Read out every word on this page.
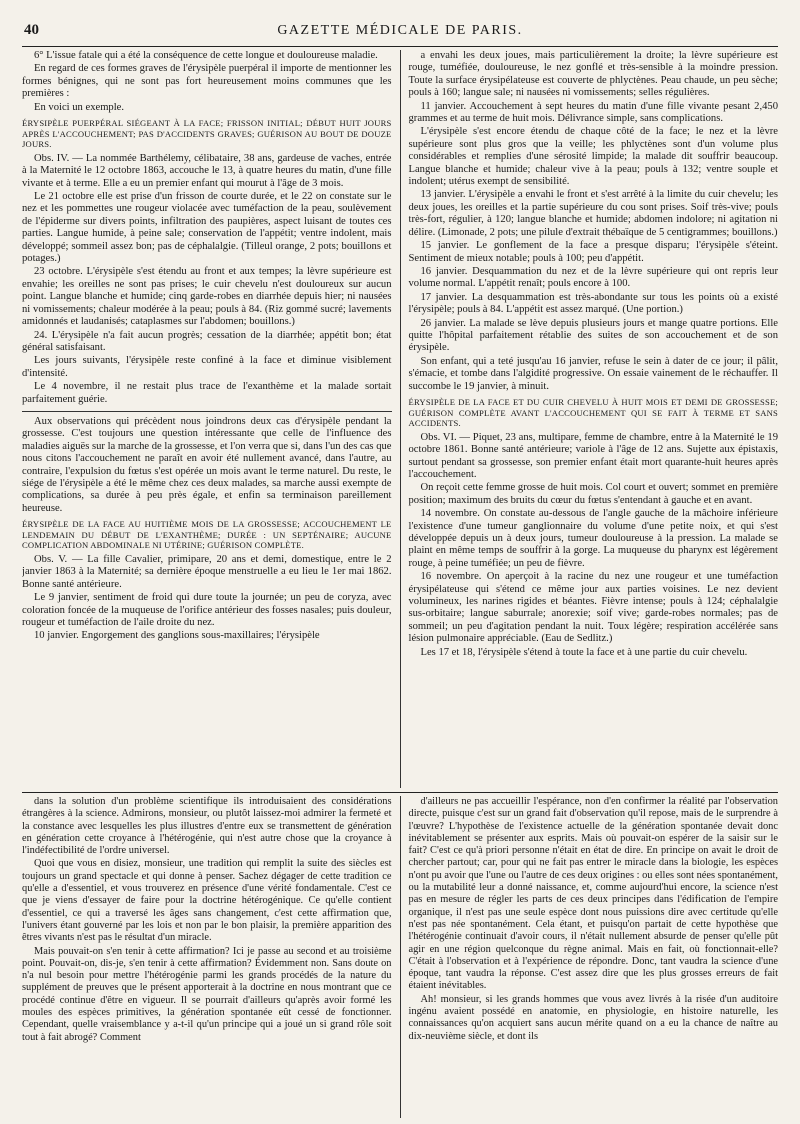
40	GAZETTE MÉDICALE DE PARIS.

6° L'issue fatale qui a été la conséquence de cette longue et douloureuse maladie.

En regard de ces formes graves de l'érysipèle puerpéral il importe de mentionner les formes bénignes, qui ne sont pas fort heureusement moins communes que les premières :

En voici un exemple.

ÉRYSIPÈLE PUERPÉRAL SIÉGEANT À LA FACE; FRISSON INITIAL; DÉBUT HUIT JOURS APRÈS L'ACCOUCHEMENT; PAS D'ACCIDENTS GRAVES; GUÉRISON AU BOUT DE DOUZE JOURS.

Obs. IV. — La nommée Barthélemy, célibataire, 38 ans, gardeuse de vaches, entrée à la Maternité le 12 octobre 1863, accouche le 13, à quatre heures du matin, d'une fille vivante et à terme. Elle a eu un premier enfant qui mourut à l'âge de 3 mois.

Le 21 octobre elle est prise d'un frisson de courte durée, et le 22 on constate sur le nez et les pommettes une rougeur violacée avec tuméfaction de la peau, soulèvement de l'épiderme sur divers points, infiltration des paupières, aspect luisant de toutes ces parties. Langue humide, à peine sale; conservation de l'appétit; ventre indolent, mais développé; sommeil assez bon; pas de céphalalgie. (Tilleul orange, 2 pots; bouillons et potages.)

23 octobre. L'érysipèle s'est étendu au front et aux tempes; la lèvre supérieure est envahie; les oreilles ne sont pas prises; le cuir chevelu n'est douloureux sur aucun point. Langue blanche et humide; cinq garde-robes en diarrhée depuis hier; ni nausées ni vomissements; chaleur modérée à la peau; pouls à 84. (Riz gommé sucré; lavements amidonnés et laudanisés; cataplasmes sur l'abdomen; bouillons.)

24. L'érysipèle n'a fait aucun progrès; cessation de la diarrhée; appétit bon; état général satisfaisant.

Les jours suivants, l'érysipèle reste confiné à la face et diminue visiblement d'intensité.

Le 4 novembre, il ne restait plus trace de l'exanthème et la malade sortait parfaitement guérie.

Aux observations qui précèdent nous joindrons deux cas d'érysipèle pendant la grossesse. C'est toujours une question intéressante que celle de l'influence des maladies aiguës sur la marche de la grossesse, et l'on verra que si, dans l'un des cas que nous citons l'accouchement ne paraît en avoir été nullement avancé, dans l'autre, au contraire, l'expulsion du fœtus s'est opérée un mois avant le terme naturel. Du reste, le siége de l'érysipèle a été le même chez ces deux malades, sa marche aussi exempte de complications, sa durée à peu près égale, et enfin sa terminaison pareillement heureuse.

ÉRYSIPÈLE DE LA FACE AU HUITIÈME MOIS DE LA GROSSESSE; ACCOUCHEMENT LE LENDEMAIN DU DÉBUT DE L'EXANTHÈME; DURÉE : UN SEPTÉNAIRE; AUCUNE COMPLICATION ABDOMINALE NI UTÉRINE; GUÉRISON COMPLÈTE.

Obs. V. — La fille Cavalier, primipare, 20 ans et demi, domestique, entre le 2 janvier 1863 à la Maternité; sa dernière époque menstruelle a eu lieu le 1er mai 1862. Bonne santé antérieure.

Le 9 janvier, sentiment de froid qui dure toute la journée; un peu de coryza, avec coloration foncée de la muqueuse de l'orifice antérieur des fosses nasales; puis douleur, rougeur et tuméfaction de l'aile droite du nez.

10 janvier. Engorgement des ganglions sous-maxillaires; l'érysipèle

a envahi les deux joues, mais particulièrement la droite; la lèvre supérieure est rouge, tuméfiée, douloureuse, le nez gonflé et très-sensible à la moindre pression. Toute la surface érysipélateuse est couverte de phlyctènes. Peau chaude, un peu sèche; pouls à 160; langue sale; ni nausées ni vomissements; selles régulières.

11 janvier. Accouchement à sept heures du matin d'une fille vivante pesant 2,450 grammes et au terme de huit mois. Délivrance simple, sans complications.

L'érysipèle s'est encore étendu de chaque côté de la face; le nez et la lèvre supérieure sont plus gros que la veille; les phlyctènes sont d'un volume plus considérables et remplies d'une sérosité limpide; la malade dit souffrir beaucoup. Langue blanche et humide; chaleur vive à la peau; pouls à 132; ventre souple et indolent; utérus exempt de sensibilité.

13 janvier. L'érysipèle a envahi le front et s'est arrêté à la limite du cuir chevelu; les deux joues, les oreilles et la partie supérieure du cou sont prises. Soif très-vive; pouls très-fort, régulier, à 120; langue blanche et humide; abdomen indolore; ni agitation ni délire. (Limonade, 2 pots; une pilule d'extrait thébaïque de 5 centigrammes; bouillons.)

15 janvier. Le gonflement de la face a presque disparu; l'érysipèle s'éteint. Sentiment de mieux notable; pouls à 100; peu d'appétit.

16 janvier. Desquammation du nez et de la lèvre supérieure qui ont repris leur volume normal. L'appétit renaît; pouls encore à 100.

17 janvier. La desquammation est très-abondante sur tous les points où a existé l'érysipèle; pouls à 84. L'appétit est assez marqué. (Une portion.)

26 janvier. La malade se lève depuis plusieurs jours et mange quatre portions. Elle quitte l'hôpital parfaitement rétablie des suites de son accouchement et de son érysipèle.

Son enfant, qui a teté jusqu'au 16 janvier, refuse le sein à dater de ce jour; il pâlit, s'émacie, et tombe dans l'algidité progressive. On essaie vainement de le réchauffer. Il succombe le 19 janvier, à minuit.

ÉRYSIPÈLE DE LA FACE ET DU CUIR CHEVELU À HUIT MOIS ET DEMI DE GROSSESSE; GUÉRISON COMPLÈTE AVANT L'ACCOUCHEMENT QUI SE FAIT À TERME ET SANS ACCIDENTS.

Obs. VI. — Piquet, 23 ans, multipare, femme de chambre, entre à la Maternité le 19 octobre 1861. Bonne santé antérieure; variole à l'âge de 12 ans. Sujette aux épistaxis, surtout pendant sa grossesse, son premier enfant était mort quarante-huit heures après l'accouchement.

On reçoit cette femme grosse de huit mois. Col court et ouvert; sommet en première position; maximum des bruits du cœur du fœtus s'entendant à gauche et en avant.

14 novembre. On constate au-dessous de l'angle gauche de la mâchoire inférieure l'existence d'une tumeur ganglionnaire du volume d'une petite noix, et qui s'est développée depuis un à deux jours, tumeur douloureuse à la pression. La malade se plaint en même temps de souffrir à la gorge. La muqueuse du pharynx est légèrement rouge, à peine tuméfiée; un peu de fièvre.

16 novembre. On aperçoit à la racine du nez une rougeur et une tuméfaction érysipélateuse qui s'étend ce même jour aux parties voisines. Le nez devient volumineux, les narines rigides et béantes. Fièvre intense; pouls à 124; céphalalgie sus-orbitaire; langue saburrale; anorexie; soif vive; garde-robes normales; pas de sommeil; un peu d'agitation pendant la nuit. Toux légère; respiration accélérée sans lésion pulmonaire appréciable. (Eau de Sedlitz.)

Les 17 et 18, l'érysipèle s'étend à toute la face et à une partie du cuir chevelu.

dans la solution d'un problème scientifique ils introduisaient des considérations étrangères à la science. Admirons, monsieur, ou plutôt laissez-moi admirer la fermeté et la constance avec lesquelles les plus illustres d'entre eux se transmettent de génération en génération cette croyance à l'hétérogénie, qui n'est autre chose que la croyance à l'indéfectibilité de l'ordre universel.

Quoi que vous en disiez, monsieur, une tradition qui remplit la suite des siècles est toujours un grand spectacle et qui donne à penser. Sachez dégager de cette tradition ce qu'elle a d'essentiel, et vous trouverez en présence d'une vérité fondamentale. C'est ce que je viens d'essayer de faire pour la doctrine hétérogénique. Ce qu'elle contient d'essentiel, ce qui a traversé les âges sans changement, c'est cette affirmation que, l'univers étant gouverné par les lois et non par le bon plaisir, la première apparition des êtres vivants n'est pas le résultat d'un miracle.

Mais pouvait-on s'en tenir à cette affirmation? Ici je passe au second et au troisième point. Pouvait-on, dis-je, s'en tenir à cette affirmation? Évidemment non. Sans doute on n'a nul besoin pour mettre l'hétérogénie parmi les grands procédés de la nature du supplément de preuves que le présent apporterait à la doctrine en nous montrant que ce procédé continue d'être en vigueur. Il se pourrait d'ailleurs qu'après avoir formé les moules des espèces primitives, la génération spontanée eût cessé de fonctionner. Cependant, quelle vraisemblance y a-t-il qu'un principe qui a joué un si grand rôle soit tout à fait abrogé? Comment

d'ailleurs ne pas accueillir l'espérance, non d'en confirmer la réalité par l'observation directe, puisque c'est sur un grand fait d'observation qu'il repose, mais de le surprendre à l'œuvre? L'hypothèse de l'existence actuelle de la génération spontanée devait donc inévitablement se présenter aux esprits. Mais où pouvait-on espérer de la saisir sur le fait? C'est ce qu'à priori personne n'était en état de dire. En principe on avait le droit de chercher partout; car, pour qui ne fait pas entrer le miracle dans la biologie, les espèces n'ont pu avoir que l'une ou l'autre de ces deux origines : ou elles sont nées spontanément, ou la mutabilité leur a donné naissance, et, comme aujourd'hui encore, la science n'est pas en mesure de régler les parts de ces deux principes dans l'édification de l'empire organique, il n'est pas une seule espèce dont nous puissions dire avec certitude qu'elle n'est pas née spontanément. Cela étant, et puisqu'on partait de cette hypothèse que l'hétérogénie continuait d'avoir cours, il n'était nullement absurde de penser qu'elle pût agir en une région quelconque du règne animal. Mais en fait, où fonctionnait-elle? C'était à l'observation et à l'expérience de répondre. Donc, tant vaudra la science d'une époque, tant vaudra la réponse. C'est assez dire que les plus grosses erreurs de fait étaient inévitables.

Ah! monsieur, si les grands hommes que vous avez livrés à la risée d'un auditoire ingénu avaient possédé en anatomie, en physiologie, en histoire naturelle, les connaissances qu'on acquiert sans aucun mérite quand on a eu la chance de naître au dix-neuvième siècle, et dont ils
